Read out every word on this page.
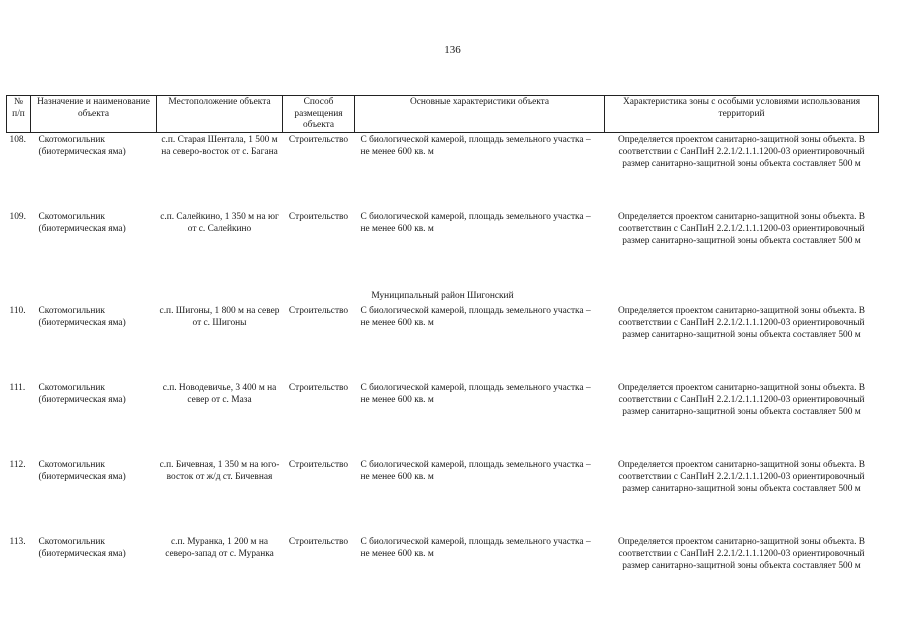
136
№ п/п	Назначение и наименование объекта	Местоположение объекта	Способ размещения объекта	Основные характеристики объекта	Характеристика зоны с особыми условиями использования территорий
108.	Скотомогильник (биотермическая яма)	с.п. Старая Шентала, 1 500 м на северо-восток от с. Багана	Строительство	С биологической камерой, площадь земельного участка – не менее 600 кв. м	Определяется проектом санитарно-защитной зоны объекта. В соответствии с СанПиН 2.2.1/2.1.1.1200-03 ориентировочный размер санитарно-защитной зоны объекта составляет 500 м
109.	Скотомогильник (биотермическая яма)	с.п. Салейкино, 1 350 м на юг от с. Салейкино	Строительство	С биологической камерой, площадь земельного участка – не менее 600 кв. м	Определяется проектом санитарно-защитной зоны объекта. В соответствин с СанПиН 2.2.1/2.1.1.1200-03 ориентировочный размер санитарно-защитной зоны объекта составляет 500 м
Муниципальный район Шигонский					
110.	Скотомогильник (биотермическая яма)	с.п. Шигоны, 1 800 м на север от с. Шигоны	Строительство	С биологической камерой, площадь земельного участка – не менее 600 кв. м	Определяется проектом санитарно-защитной зоны объекта. В соответствии с СанПиН 2.2.1/2.1.1.1200-03 ориентировочный размер санитарно-защитной зоны объекта составляет 500 м
111.	Скотомогильник (биотермическая яма)	с.п. Новодевичье, 3 400 м на север от с. Маза	Строительство	С биологической камерой, площадь земельного участка – не менее 600 кв. м	Определяется проектом санитарно-защитной зоны объекта. В соответствии с СанПиН 2.2.1/2.1.1.1200-03 ориентировочный размер санитарно-защитной зоны объекта составляет 500 м
112.	Скотомогильник (биотермическая яма)	с.п. Бичевная, 1 350 м на юго-восток от ж/д ст. Бичевная	Строительство	С биологической камерой, площадь земельного участка – не менее 600 кв. м	Определяется проектом санитарно-защитной зоны объекта. В соответствии с СанПиН 2.2.1/2.1.1.1200-03 ориентировочный размер санитарно-защитной зоны объекта составляет 500 м
113.	Скотомогильник (биотермическая яма)	с.п. Муранка, 1 200 м на северо-запад от с. Муранка	Строительство	С биологической камерой, площадь земельного участка – не менее 600 кв. м	Определяется проектом санитарно-защитной зоны объекта. В соответствии с СанПиН 2.2.1/2.1.1.1200-03 ориентировочный размер санитарно-защитной зоны объекта составляет 500 м
